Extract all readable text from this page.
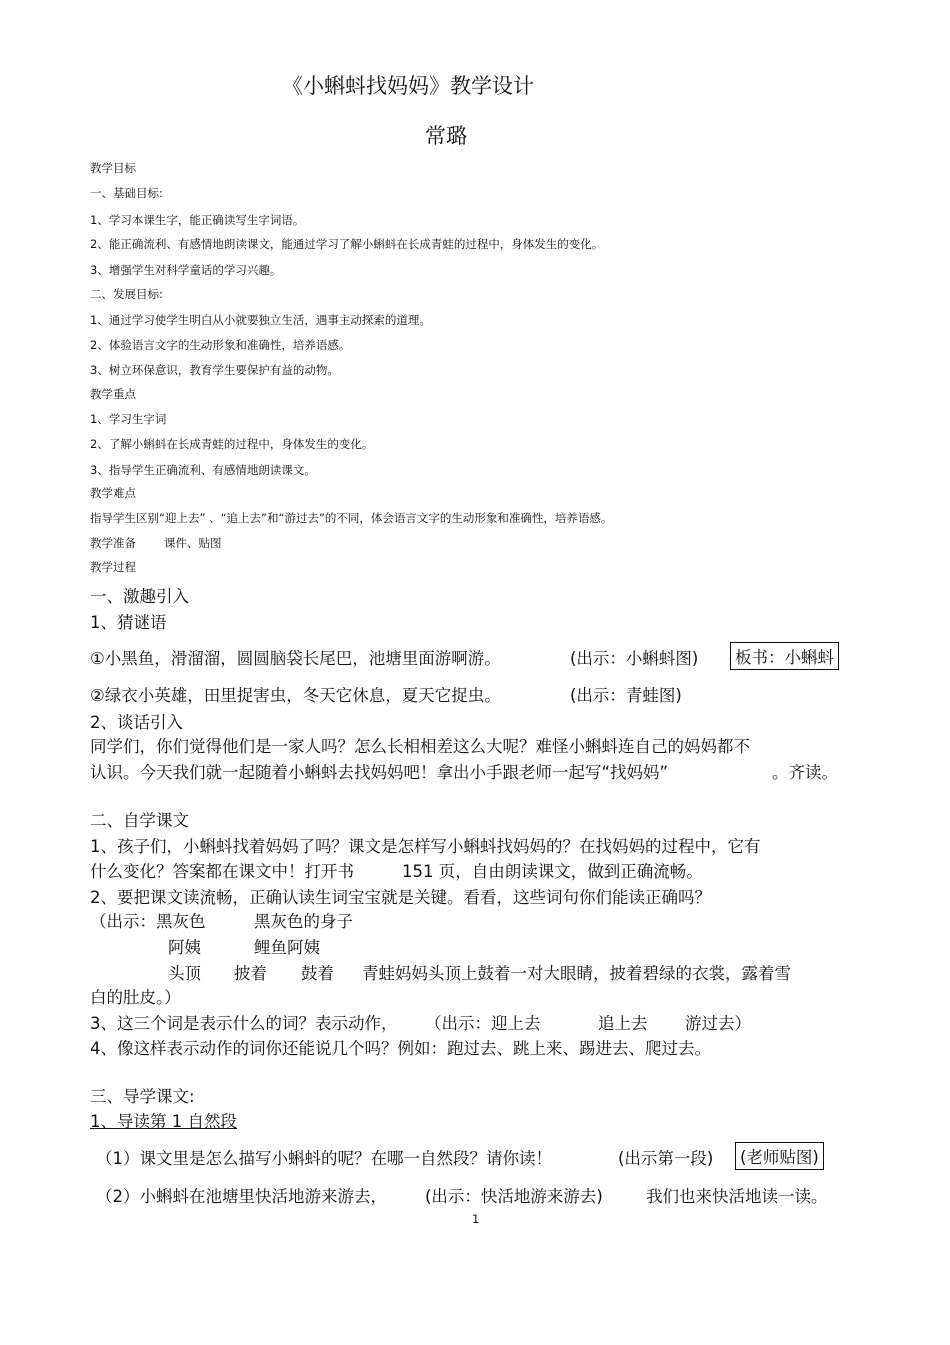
《小蝌蚪找妈妈》教学设计
常璐
教学目标
一、基础目标:
1、学习本课生字，能正确读写生字词语。
2、能正确流利、有感情地朗读课文，能通过学习了解小蝌蚪在长成青蛙的过程中，身体发生的变化。
3、增强学生对科学童话的学习兴趣。
二、发展目标:
1、通过学习使学生明白从小就要独立生活，遇事主动探索的道理。
2、体验语言文字的生动形象和准确性，培养语感。
3、树立环保意识，教育学生要保护有益的动物。
教学重点
1、学习生字词
2、了解小蝌蚪在长成青蛙的过程中，身体发生的变化。
3、指导学生正确流利、有感情地朗读课文。
教学难点
指导学生区别“迎上去” 、“追上去”和“游过去”的不同，体会语言文字的生动形象和准确性，培养语感。
教学准备 课件、贴图
教学过程
一、激趣引入
1、猜谜语
①小黑鱼，滑溜溜，圆圆脑袋长尾巴，池塘里面游啊游。	(出示：小蝌蚪图)	板书：小蝌蚪
②绿衣小英雄，田里捉害虫，冬天它休息，夏天它捉虫。	(出示：青蛙图)
2、谈话引入
同学们，你们觉得他们是一家人吗？怎么长相相差这么大呢？难怪小蝌蚪连自己的妈妈都不
认识。今天我们就一起随着小蝌蚪去找妈妈吧！拿出小手跟老师一起写“找妈妈”	。齐读。
二、自学课文
1、孩子们，小蝌蚪找着妈妈了吗？课文是怎样写小蝌蚪找妈妈的？在找妈妈的过程中，它有
什么变化？答案都在课文中！打开书	151 页，自由朗读课文，做到正确流畅。
2、要把课文读流畅，正确认读生词宝宝就是关键。看看，这些词句你们能读正确吗？
（出示：黑灰色	黑灰色的身子
阿姨	鲤鱼阿姨
头顶 披着 鼓着 青蛙妈妈头顶上鼓着一对大眼睛，披着碧绿的衣裳，露着雪
白的肚皮。）
3、这三个词是表示什么的词？表示动作， （出示：迎上去	追上去 游过去）
4、像这样表示动作的词你还能说几个吗？例如：跑过去、跳上来、踢进去、爬过去。
三、导学课文:
1、导读第 1 自然段
（1）课文里是怎么描写小蝌蚪的呢？在哪一自然段？请你读！	(出示第一段)	(老师贴图)
（2）小蝌蚪在池塘里快活地游来游去， (出示：快活地游来游去)	我们也来快活地读一读。
1
